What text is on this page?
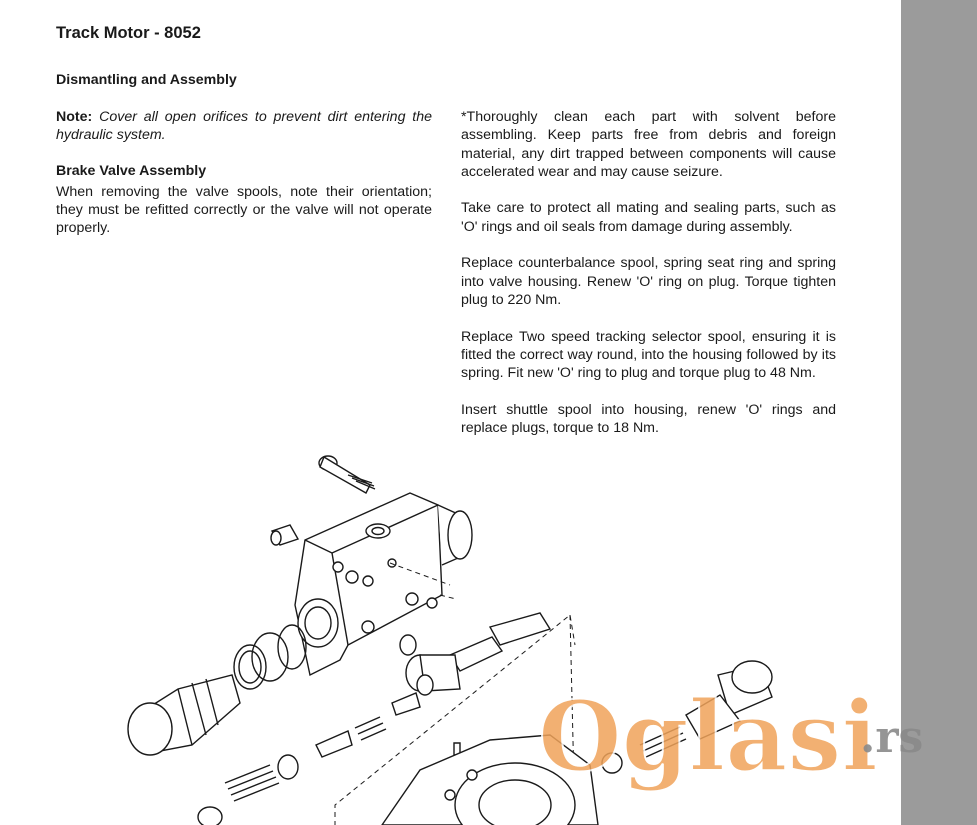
Track Motor - 8052
Dismantling and Assembly

Note: Cover all open orifices to prevent dirt entering the hydraulic system.

Brake Valve Assembly

When removing the valve spools, note their orientation; they must be refitted correctly or the valve will not operate properly.

*Thoroughly clean each part with solvent before assembling. Keep parts free from debris and foreign material, any dirt trapped between components will cause accelerated wear and may cause seizure.

Take care to protect all mating and sealing parts, such as 'O' rings and oil seals from damage during assembly.

Replace counterbalance spool, spring seat ring and spring into valve housing. Renew 'O' ring on plug. Torque tighten plug to 220 Nm.

Replace Two speed tracking selector spool, ensuring it is fitted the correct way round, into the housing followed by its spring. Fit new 'O' ring to plug and torque plug to 48 Nm.

Insert shuttle spool into housing, renew 'O' rings and replace plugs, torque to 18 Nm.

Oglasi
.rs
